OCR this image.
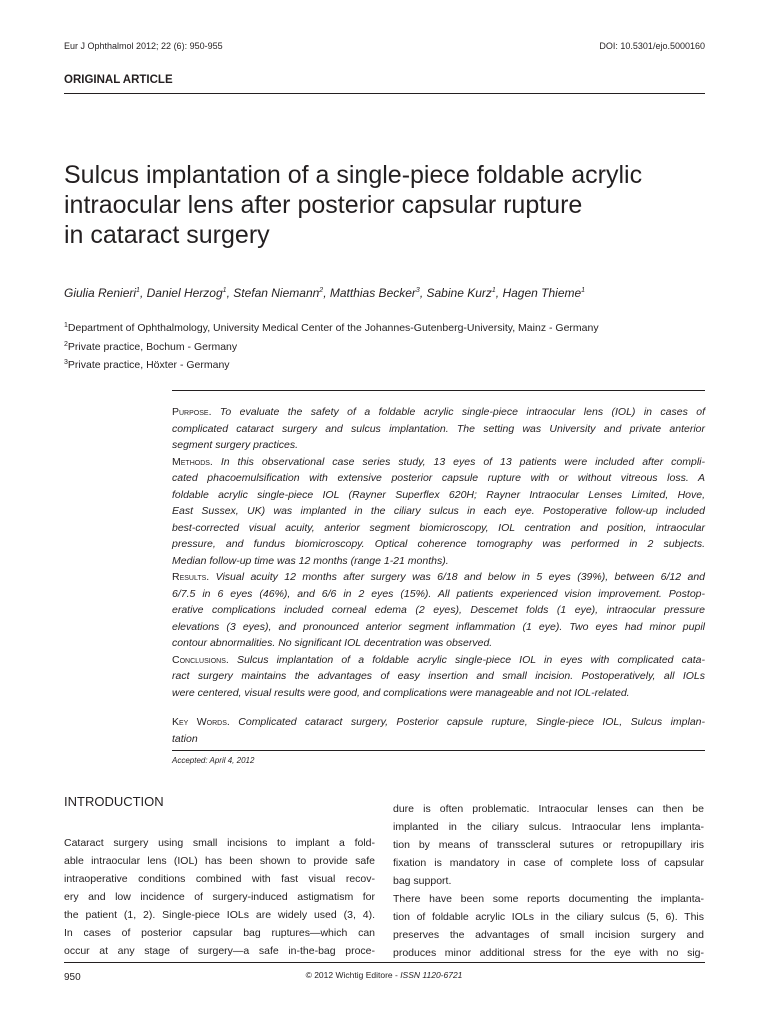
Eur J Ophthalmol 2012; 22 (6): 950-955	DOI: 10.5301/ejo.5000160
ORIGINAL ARTICLE
Sulcus implantation of a single-piece foldable acrylic
intraocular lens after posterior capsular rupture
in cataract surgery
Giulia Renieri$^1$, Daniel Herzog$^1$, Stefan Niemann$^2$, Matthias Becker$^3$, Sabine Kurz$^1$, Hagen Thieme$^1$
$^1$Department of Ophthalmology, University Medical Center of the Johannes-Gutenberg-University, Mainz - Germany
$^2$Private practice, Bochum - Germany
$^3$Private practice, Höxter - Germany
Purpose. To evaluate the safety of a foldable acrylic single-piece intraocular lens (IOL) in cases of
complicated cataract surgery and sulcus implantation. The setting was University and private anterior
segment surgery practices.
Methods. In this observational case series study, 13 eyes of 13 patients were included after compli-
cated phacoemulsification with extensive posterior capsule rupture with or without vitreous loss. A
foldable acrylic single-piece IOL (Rayner Superflex 620H; Rayner Intraocular Lenses Limited, Hove,
East Sussex, UK) was implanted in the ciliary sulcus in each eye. Postoperative follow-up included
best-corrected visual acuity, anterior segment biomicroscopy, IOL centration and position, intraocular
pressure, and fundus biomicroscopy. Optical coherence tomography was performed in 2 subjects.
Median follow-up time was 12 months (range 1-21 months).
Results. Visual acuity 12 months after surgery was 6/18 and below in 5 eyes (39%), between 6/12 and
6/7.5 in 6 eyes (46%), and 6/6 in 2 eyes (15%). All patients experienced vision improvement. Postop-
erative complications included corneal edema (2 eyes), Descemet folds (1 eye), intraocular pressure
elevations (3 eyes), and pronounced anterior segment inflammation (1 eye). Two eyes had minor pupil
contour abnormalities. No significant IOL decentration was observed.
Conclusions. Sulcus implantation of a foldable acrylic single-piece IOL in eyes with complicated cata-
ract surgery maintains the advantages of easy insertion and small incision. Postoperatively, all IOLs
were centered, visual results were good, and complications were manageable and not IOL-related.
Key Words. Complicated cataract surgery, Posterior capsule rupture, Single-piece IOL, Sulcus implan-
tation
Accepted: April 4, 2012
INTRODUCTION
Cataract surgery using small incisions to implant a fold-
able intraocular lens (IOL) has been shown to provide safe
intraoperative conditions combined with fast visual recov-
ery and low incidence of surgery-induced astigmatism for
the patient (1, 2). Single-piece IOLs are widely used (3, 4).
In cases of posterior capsular bag ruptures—which can
occur at any stage of surgery—a safe in-the-bag proce-
dure is often problematic. Intraocular lenses can then be
implanted in the ciliary sulcus. Intraocular lens implanta-
tion by means of transscleral sutures or retropupillary iris
fixation is mandatory in case of complete loss of capsular
bag support.
There have been some reports documenting the implanta-
tion of foldable acrylic IOLs in the ciliary sulcus (5, 6). This
preserves the advantages of small incision surgery and
produces minor additional stress for the eye with no sig-
950	© 2012 Wichtig Editore - ISSN 1120-6721
